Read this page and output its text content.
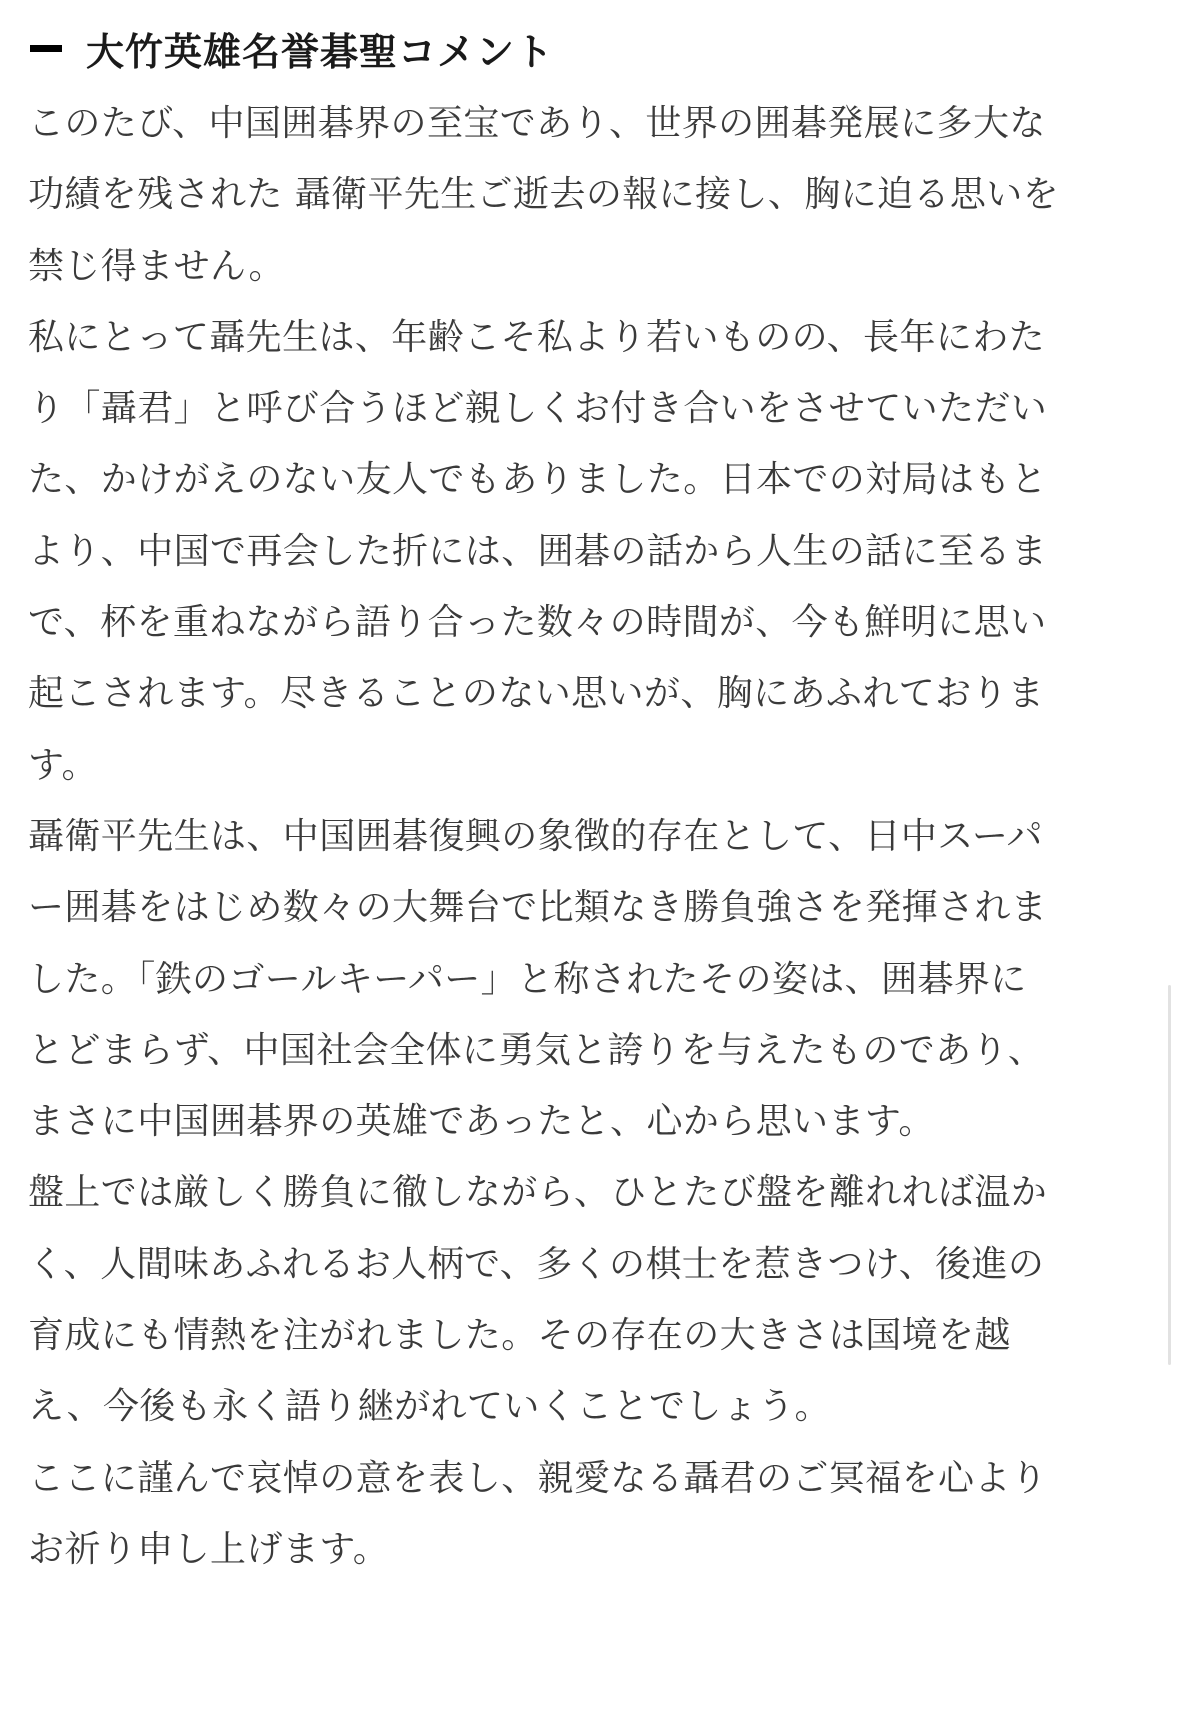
大竹英雄名誉碁聖コメント
このたび、中国囲碁界の至宝であり、世界の囲碁発展に多大な
功績を残された 聶衛平先生ご逝去の報に接し、胸に迫る思いを
禁じ得ません。
私にとって聶先生は、年齢こそ私より若いものの、長年にわた
り「聶君」と呼び合うほど親しくお付き合いをさせていただい
た、かけがえのない友人でもありました。日本での対局はもと
より、中国で再会した折には、囲碁の話から人生の話に至るま
で、杯を重ねながら語り合った数々の時間が、今も鮮明に思い
起こされます。尽きることのない思いが、胸にあふれておりま
す。
聶衛平先生は、中国囲碁復興の象徴的存在として、日中スーパ
ー囲碁をはじめ数々の大舞台で比類なき勝負強さを発揮されま
した。「鉄のゴールキーパー」と称されたその姿は、囲碁界に
とどまらず、中国社会全体に勇気と誇りを与えたものであり、
まさに中国囲碁界の英雄であったと、心から思います。
盤上では厳しく勝負に徹しながら、ひとたび盤を離れれば温か
く、人間味あふれるお人柄で、多くの棋士を惹きつけ、後進の
育成にも情熱を注がれました。その存在の大きさは国境を越
え、今後も永く語り継がれていくことでしょう。
ここに謹んで哀悼の意を表し、親愛なる聶君のご冥福を心より
お祈り申し上げます。
